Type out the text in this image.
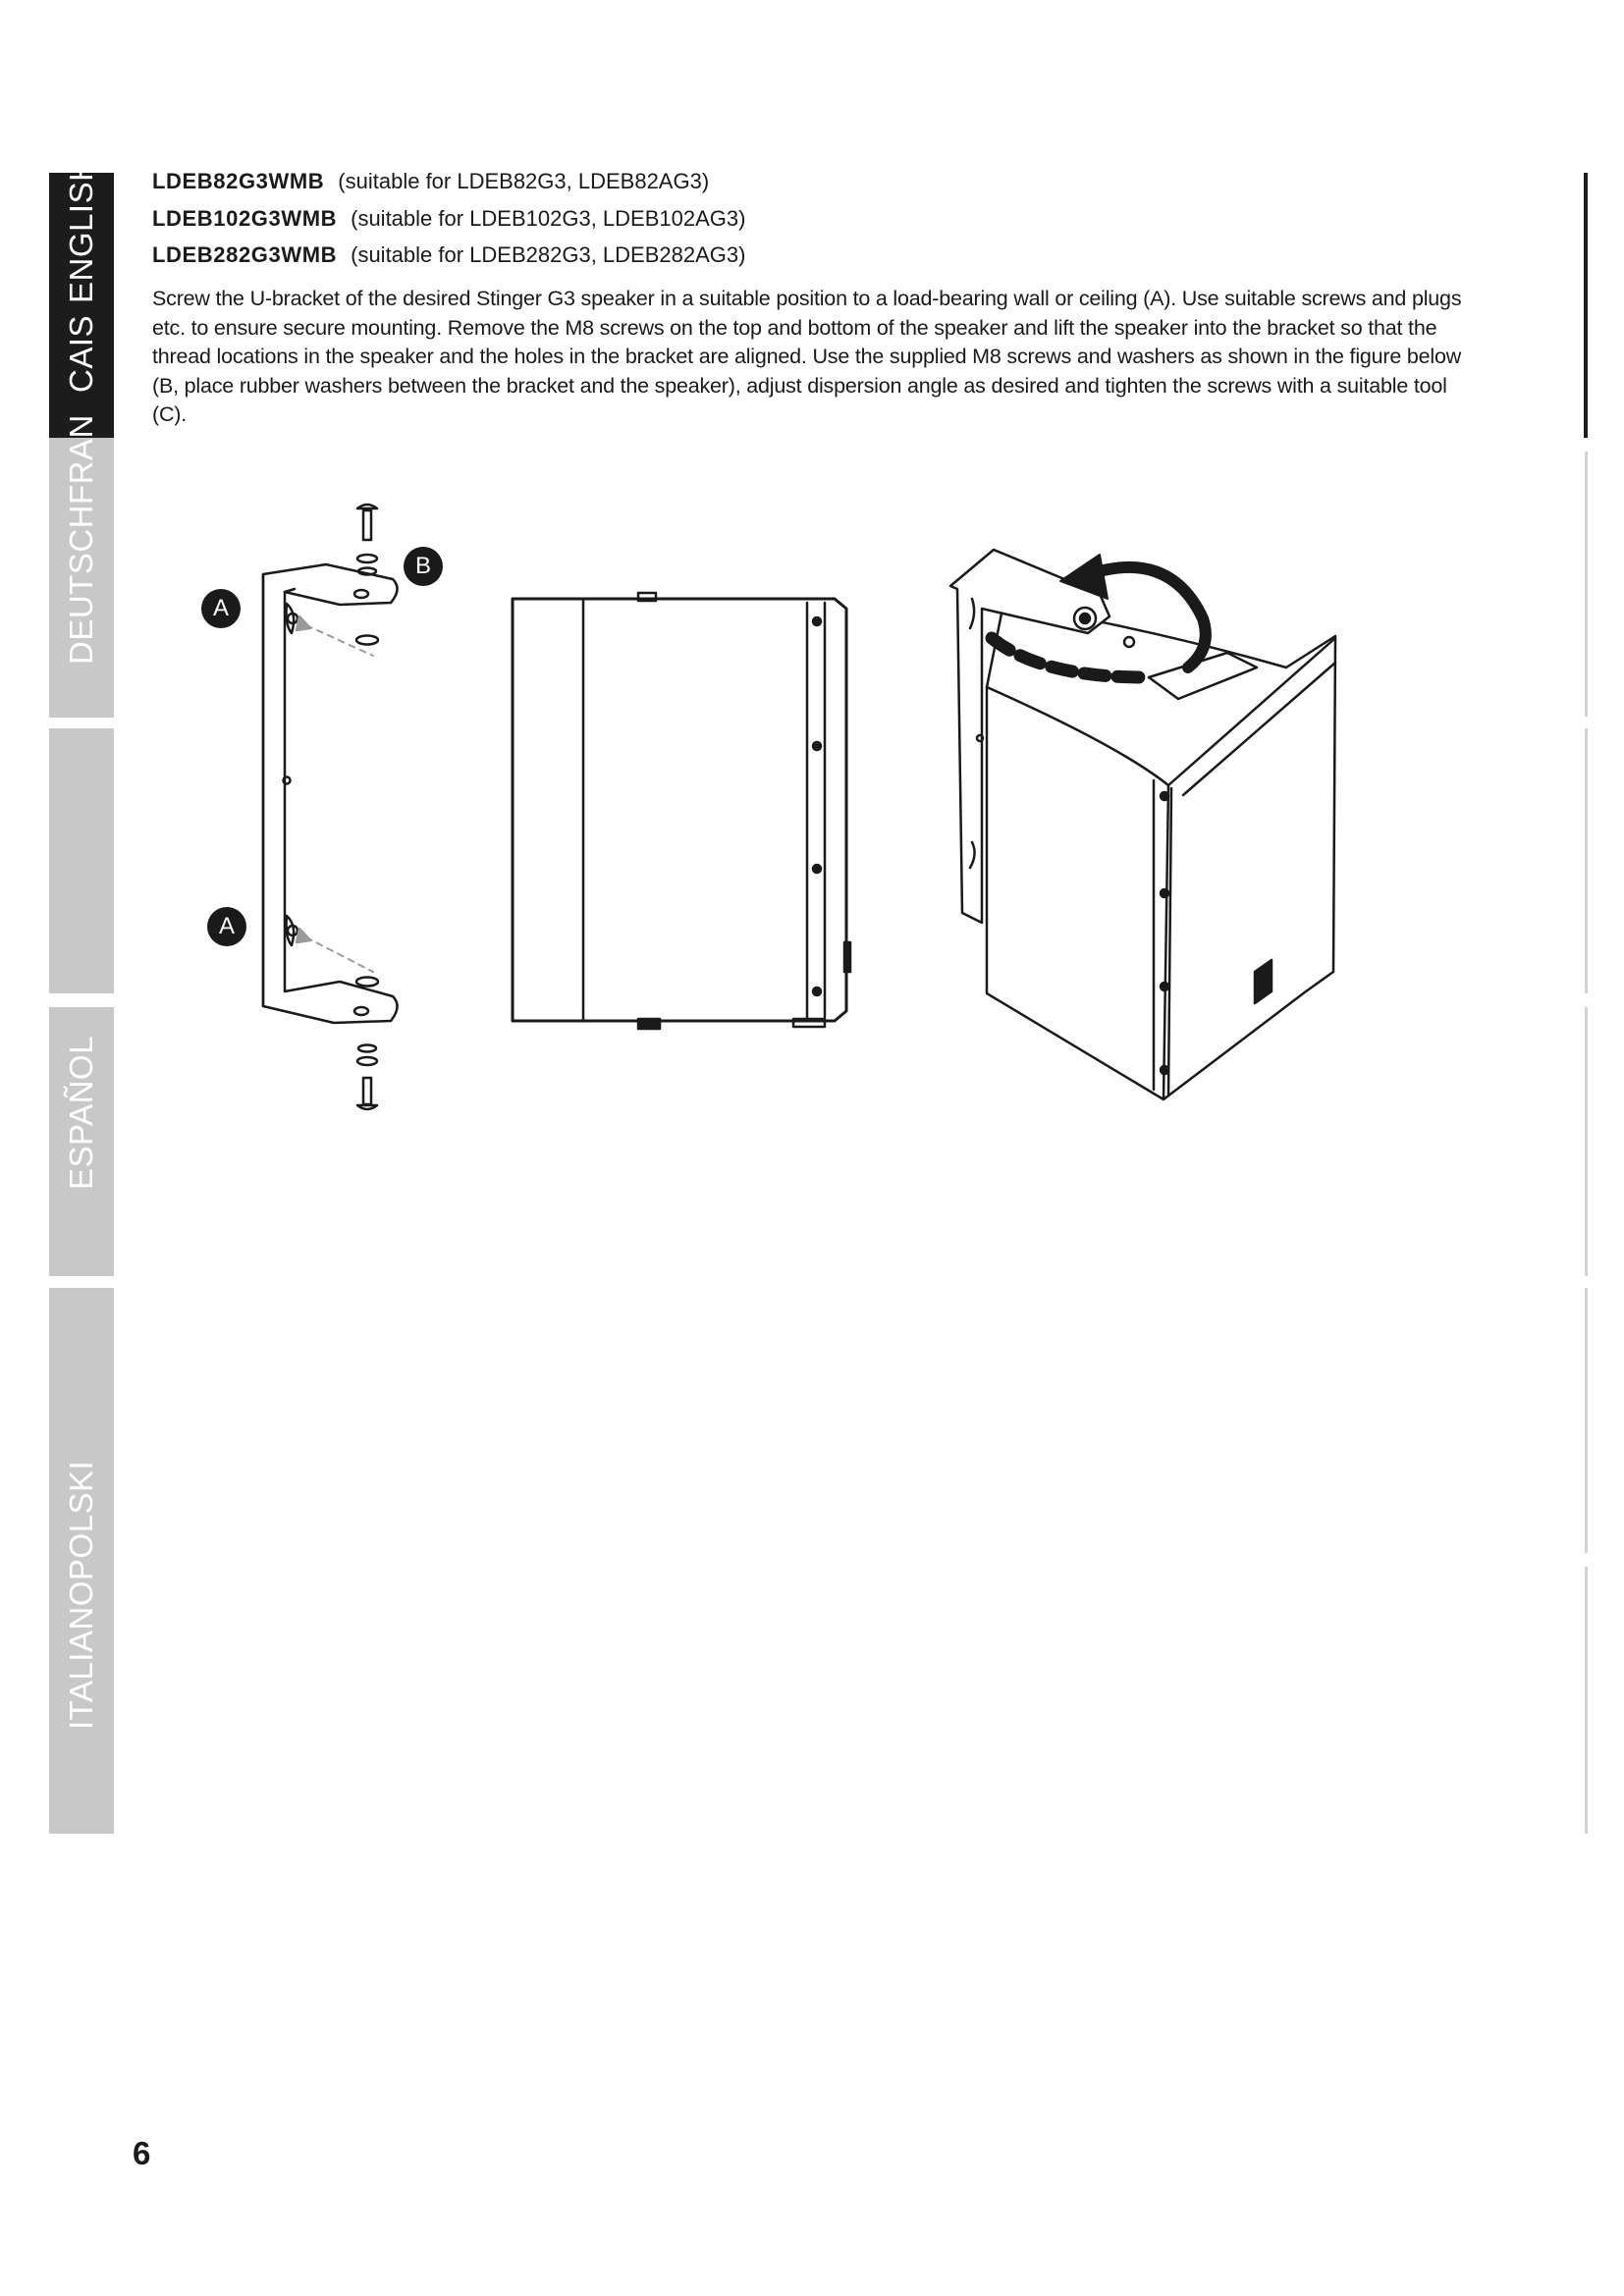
CAISENGLISH
DEUTSCHFRAN
ESPAÑOL
ITALIANOPOLSKI
LDEB82G3WMB (suitable for LDEB82G3, LDEB82AG3)
LDEB102G3WMB (suitable for LDEB102G3, LDEB102AG3)
LDEB282G3WMB (suitable for LDEB282G3, LDEB282AG3)
Screw the U-bracket of the desired Stinger G3 speaker in a suitable position to a load-bearing wall or ceiling (A). Use suitable screws and plugs etc. to ensure secure mounting. Remove the M8 screws on the top and bottom of the speaker and lift the speaker into the bracket so that the thread locations in the speaker and the holes in the bracket are aligned. Use the supplied M8 screws and washers as shown in the figure below (B, place rubber washers between the bracket and the speaker), adjust dispersion angle as desired and tighten the screws with a suitable tool (C).
A
A
B
6
